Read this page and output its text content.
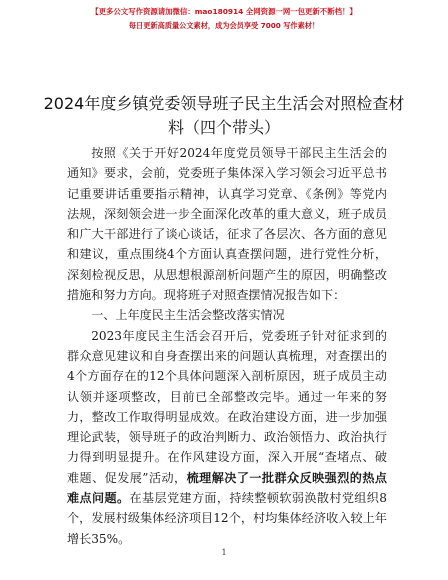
【更多公文写作资源请加微信：mao180914 全网资源一网一包更新不断档！】
每日更新高质量公文素材，成为会员享受 7000 写作素材！
2024年度乡镇党委领导班子民主生活会对照检查材料（四个带头）

按照《关于开好2024年度党员领导干部民主生活会的通知》要求，会前，党委班子集体深入学习领会习近平总书记重要讲话重要指示精神，认真学习党章、《条例》等党内法规，深刻领会进一步全面深化改革的重大意义，班子成员和广大干部进行了谈心谈话，征求了各层次、各方面的意见和建议，重点围绕4个方面认真查摆问题，进行党性分析，深刻检视反思，从思想根源剖析问题产生的原因，明确整改措施和努力方向。现将班子对照查摆情况报告如下：

一、上年度民主生活会整改落实情况

2023年度民主生活会召开后，党委班子针对征求到的群众意见建议和自身查摆出来的问题认真梳理，对查摆出的4个方面存在的12个具体问题深入剖析原因，班子成员主动认领并逐项整改，目前已全部整改完毕。通过一年来的努力，整改工作取得明显成效。在政治建设方面，进一步加强理论武装，领导班子的政治判断力、政治领悟力、政治执行力得到明显提升。在作风建设方面，深入开展“查堵点、破难题、促发展”活动，梳理解决了一批群众反映强烈的热点难点问题。在基层党建方面，持续整顿软弱涣散村党组织8个，发展村级集体经济项目12个，村均集体经济收入较上年增长35%。

1
